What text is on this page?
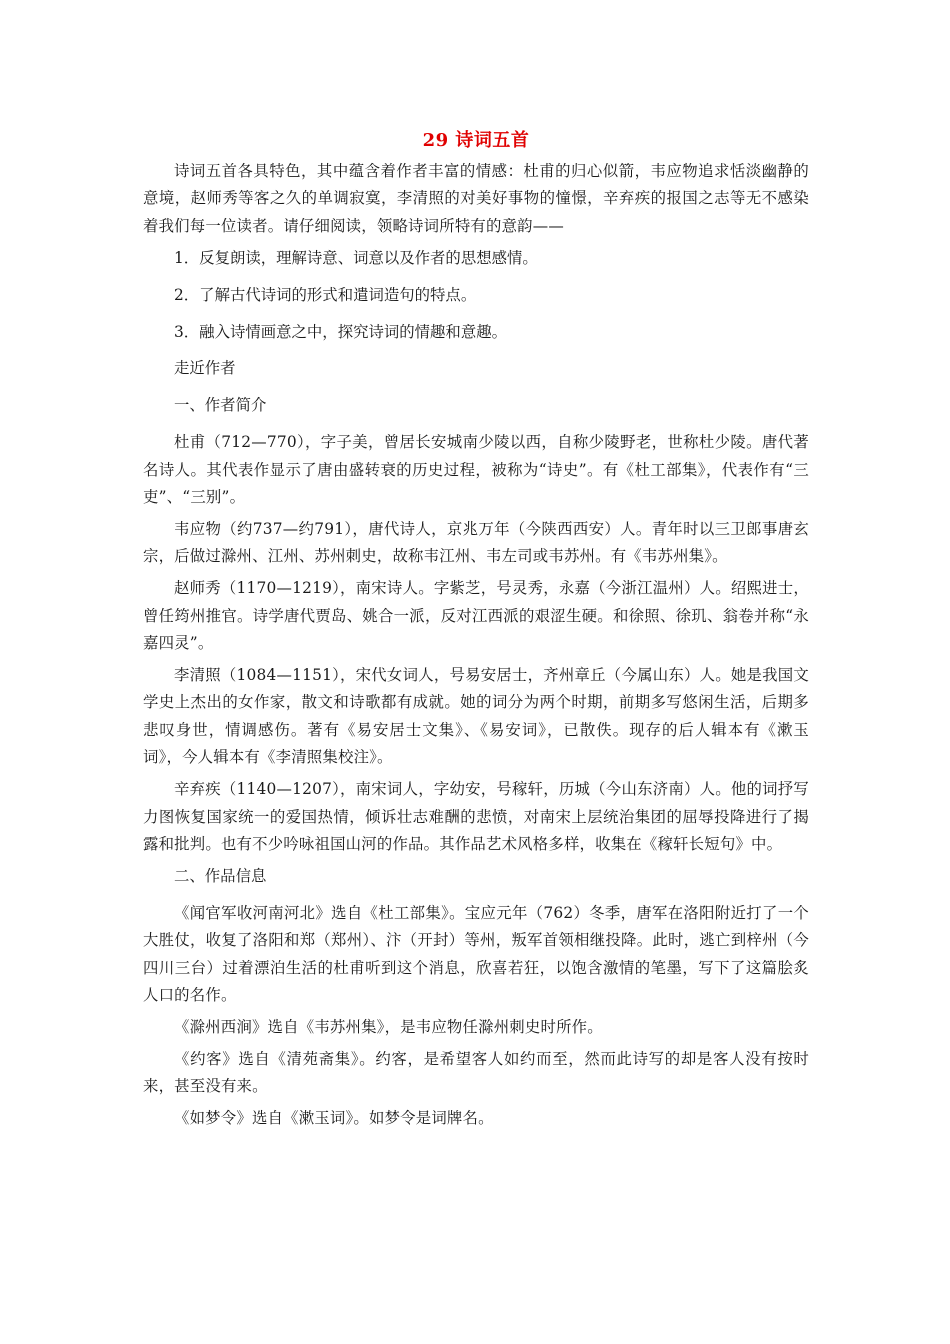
29 诗词五首

诗词五首各具特色，其中蕴含着作者丰富的情感：杜甫的归心似箭，韦应物追求恬淡幽静的意境，赵师秀等客之久的单调寂寞，李清照的对美好事物的憧憬，辛弃疾的报国之志等无不感染着我们每一位读者。请仔细阅读，领略诗词所特有的意韵——

1．反复朗读，理解诗意、词意以及作者的思想感情。

2．了解古代诗词的形式和遣词造句的特点。

3．融入诗情画意之中，探究诗词的情趣和意趣。

走近作者

一、作者简介

杜甫（712—770），字子美，曾居长安城南少陵以西，自称少陵野老，世称杜少陵。唐代著名诗人。其代表作显示了唐由盛转衰的历史过程，被称为“诗史”。有《杜工部集》，代表作有“三吏”、“三别”。

韦应物（约737—约791），唐代诗人，京兆万年（今陕西西安）人。青年时以三卫郎事唐玄宗，后做过滁州、江州、苏州刺史，故称韦江州、韦左司或韦苏州。有《韦苏州集》。

赵师秀（1170—1219），南宋诗人。字紫芝，号灵秀，永嘉（今浙江温州）人。绍熙进士，曾任筠州推官。诗学唐代贾岛、姚合一派，反对江西派的艰涩生硬。和徐照、徐玑、翁卷并称“永嘉四灵”。

李清照（1084—1151），宋代女词人，号易安居士，齐州章丘（今属山东）人。她是我国文学史上杰出的女作家，散文和诗歌都有成就。她的词分为两个时期，前期多写悠闲生活，后期多悲叹身世，情调感伤。著有《易安居士文集》、《易安词》，已散佚。现存的后人辑本有《漱玉词》，今人辑本有《李清照集校注》。

辛弃疾（1140—1207），南宋词人，字幼安，号稼轩，历城（今山东济南）人。他的词抒写力图恢复国家统一的爱国热情，倾诉壮志难酬的悲愤，对南宋上层统治集团的屈辱投降进行了揭露和批判。也有不少吟咏祖国山河的作品。其作品艺术风格多样，收集在《稼轩长短句》中。

二、作品信息

《闻官军收河南河北》选自《杜工部集》。宝应元年（762）冬季，唐军在洛阳附近打了一个大胜仗，收复了洛阳和郑（郑州）、汴（开封）等州，叛军首领相继投降。此时，逃亡到梓州（今四川三台）过着漂泊生活的杜甫听到这个消息，欣喜若狂，以饱含激情的笔墨，写下了这篇脍炙人口的名作。

《滁州西涧》选自《韦苏州集》，是韦应物任滁州刺史时所作。

《约客》选自《清苑斋集》。约客，是希望客人如约而至，然而此诗写的却是客人没有按时来，甚至没有来。

《如梦令》选自《漱玉词》。如梦令是词牌名。
